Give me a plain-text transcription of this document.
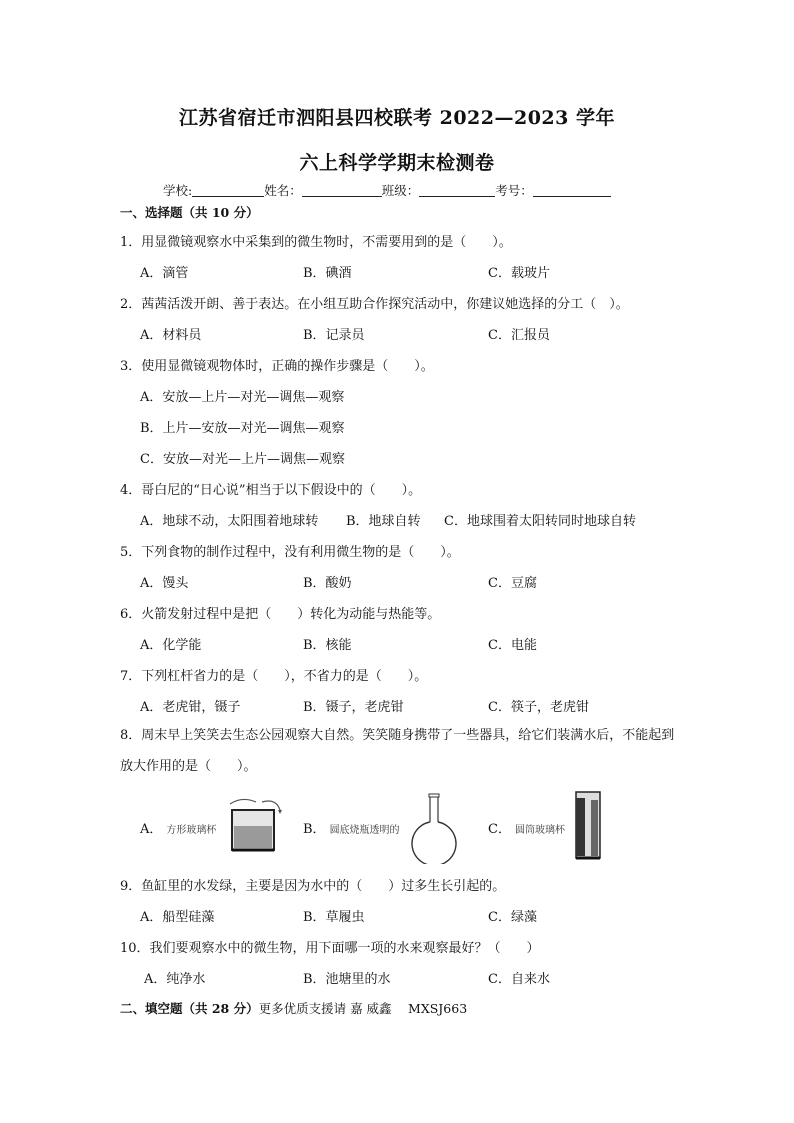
江苏省宿迁市泗阳县四校联考 2022—2023 学年
六上科学学期末检测卷
学校:	姓名：	班级：	考号：
一、选择题（共 10 分）
1．用显微镜观察水中采集到的微生物时，不需要用到的是（　　）。
A．滴管	B．碘酒	C．载玻片
2．茜茜活泼开朗、善于表达。在小组互助合作探究活动中，你建议她选择的分工（　）。
A．材料员	B．记录员	C．汇报员
3．使用显微镜观物体时，正确的操作步骤是（　　）。
A．安放—上片—对光—调焦—观察
B．上片—安放—对光—调焦—观察
C．安放—对光—上片—调焦—观察
4．哥白尼的“日心说”相当于以下假设中的（　　）。
A．地球不动，太阳围着地球转 B．地球自转 C．地球围着太阳转同时地球自转
5．下列食物的制作过程中，没有利用微生物的是（　　）。
A．馒头	B．酸奶	C．豆腐
6．火箭发射过程中是把（　　）转化为动能与热能等。
A．化学能	B．核能	C．电能
7．下列杠杆省力的是（　　），不省力的是（　　）。
A．老虎钳，镊子	B．镊子，老虎钳	C．筷子，老虎钳
8．周末早上笑笑去生态公园观察大自然。笑笑随身携带了一些器具，给它们装满水后，不能起到放大作用的是（　　）。
A． 方形玻璃杯	B． 圆底烧瓶透明的	C． 圆筒玻璃杯
9．鱼缸里的水发绿，主要是因为水中的（　　）过多生长引起的。
A．船型硅藻	B．草履虫	C．绿藻
10．我们要观察水中的微生物，用下面哪一项的水来观察最好？（　　）
A．纯净水	B．池塘里的水	C．自来水
二、填空题（共 28 分）更多优质支援请 嘉 威鑫　 MXSJ663
